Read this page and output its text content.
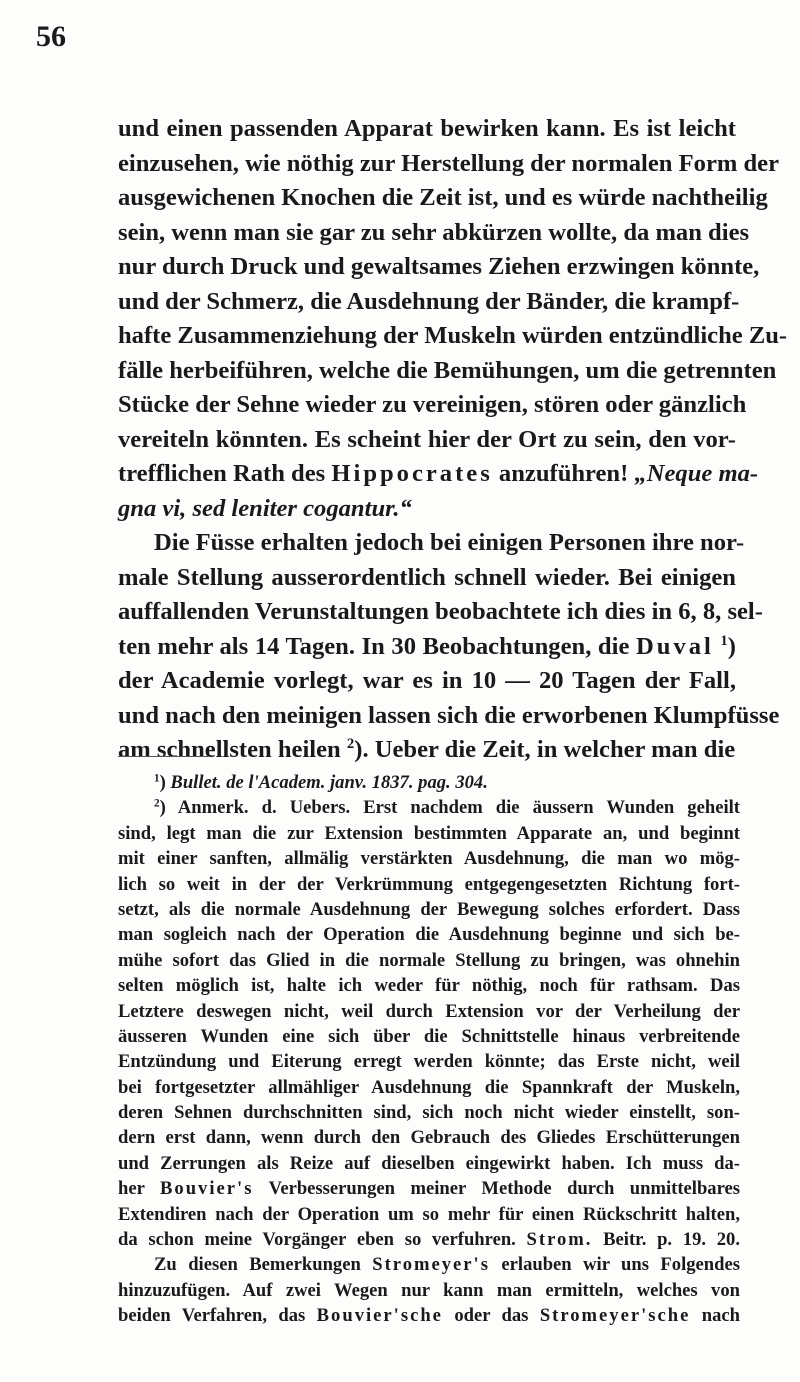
56
und einen passenden Apparat bewirken kann. Es ist leicht
einzusehen, wie nöthig zur Herstellung der normalen Form der
ausgewichenen Knochen die Zeit ist, und es würde nachtheilig
sein, wenn man sie gar zu sehr abkürzen wollte, da man dies
nur durch Druck und gewaltsames Ziehen erzwingen könnte,
und der Schmerz, die Ausdehnung der Bänder, die krampf-
hafte Zusammenziehung der Muskeln würden entzündliche Zu-
fälle herbeiführen, welche die Bemühungen, um die getrennten
Stücke der Sehne wieder zu vereinigen, stören oder gänzlich
vereiteln könnten. Es scheint hier der Ort zu sein, den vor-
trefflichen Rath des Hippocrates anzuführen! „Neque ma-
gna vi, sed leniter cogantur.“
Die Füsse erhalten jedoch bei einigen Personen ihre nor-
male Stellung ausserordentlich schnell wieder. Bei einigen
auffallenden Verunstaltungen beobachtete ich dies in 6, 8, sel-
ten mehr als 14 Tagen. In 30 Beobachtungen, die Duval $^1$)
der Academie vorlegt, war es in 10 — 20 Tagen der Fall,
und nach den meinigen lassen sich die erworbenen Klumpfüsse
am schnellsten heilen $^2$). Ueber die Zeit, in welcher man die
$^1$) Bullet. de l'Academ. janv. 1837. pag. 304.
$^2$) Anmerk. d. Uebers. Erst nachdem die äussern Wunden geheilt
sind, legt man die zur Extension bestimmten Apparate an, und beginnt
mit einer sanften, allmälig verstärkten Ausdehnung, die man wo mög-
lich so weit in der der Verkrümmung entgegengesetzten Richtung fort-
setzt, als die normale Ausdehnung der Bewegung solches erfordert. Dass
man sogleich nach der Operation die Ausdehnung beginne und sich be-
mühe sofort das Glied in die normale Stellung zu bringen, was ohnehin
selten möglich ist, halte ich weder für nöthig, noch für rathsam. Das
Letztere deswegen nicht, weil durch Extension vor der Verheilung der
äusseren Wunden eine sich über die Schnittstelle hinaus verbreitende
Entzündung und Eiterung erregt werden könnte; das Erste nicht, weil
bei fortgesetzter allmähliger Ausdehnung die Spannkraft der Muskeln,
deren Sehnen durchschnitten sind, sich noch nicht wieder einstellt, son-
dern erst dann, wenn durch den Gebrauch des Gliedes Erschütterungen
und Zerrungen als Reize auf dieselben eingewirkt haben. Ich muss da-
her Bouvier's Verbesserungen meiner Methode durch unmittelbares
Extendiren nach der Operation um so mehr für einen Rückschritt halten,
da schon meine Vorgänger eben so verfuhren. Strom. Beitr. p. 19. 20.
Zu diesen Bemerkungen Stromeyer's erlauben wir uns Folgendes
hinzuzufügen. Auf zwei Wegen nur kann man ermitteln, welches von
beiden Verfahren, das Bouvier'sche oder das Stromeyer'sche nach
